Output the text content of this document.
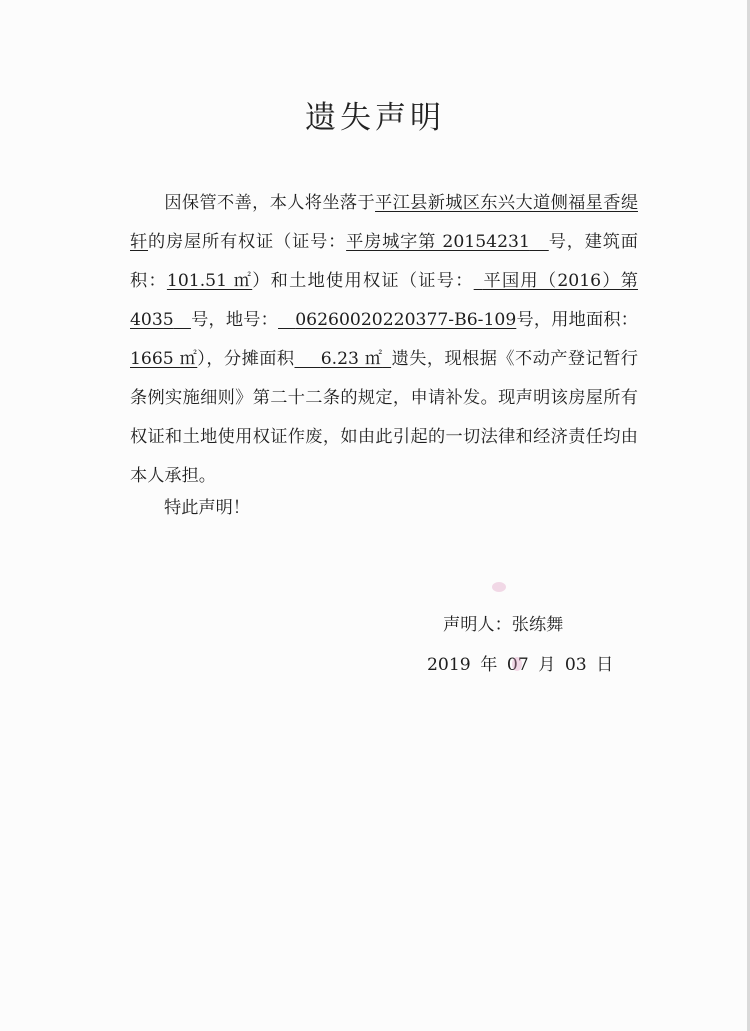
遗失声明
因保管不善，本人将坐落于平江县新城区东兴大道侧福星香缇轩的房屋所有权证（证号：平房城字第 20154231　 号，建筑面积：101.51 ㎡）和土地使用权证（证号：  平国用（2016）第 4035   号，地号：   06260020220377-B6-109号，用地面积：1665 ㎡），分摊面积　  6.23 ㎡  遗失，现根据《不动产登记暂行条例实施细则》第二十二条的规定，申请补发。现声明该房屋所有权证和土地使用权证作废，如由此引起的一切法律和经济责任均由本人承担。
特此声明！
声明人：张练舞
2019 年 07 月 03 日
